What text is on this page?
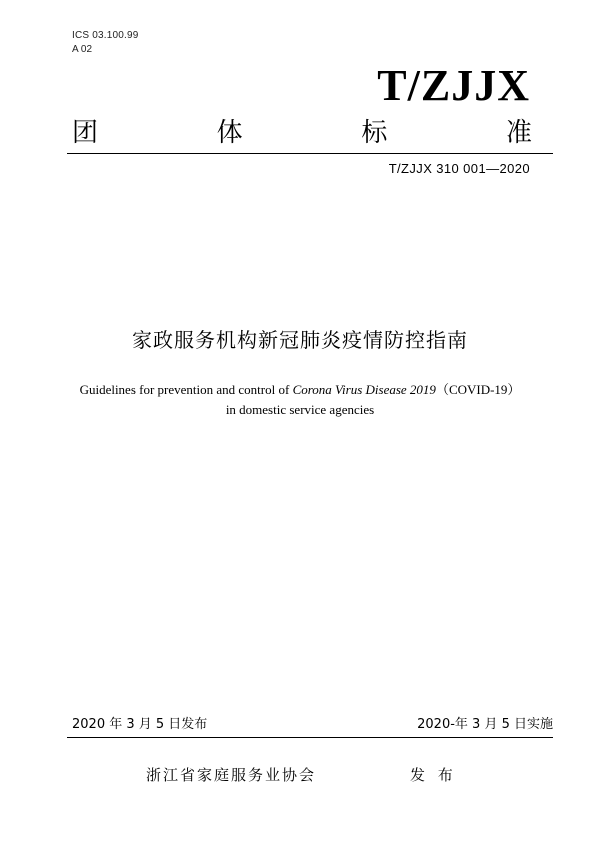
ICS 03.100.99
A 02
T/ZJJX
团	体	标	准
T/ZJJX 310 001—2020
家政服务机构新冠肺炎疫情防控指南
Guidelines for prevention and control of Corona Virus Disease 2019（COVID-19）
in domestic service agencies
2020 年 3 月 5 日发布	2020-年 3 月 5 日实施
浙江省家庭服务业协会	发 布
